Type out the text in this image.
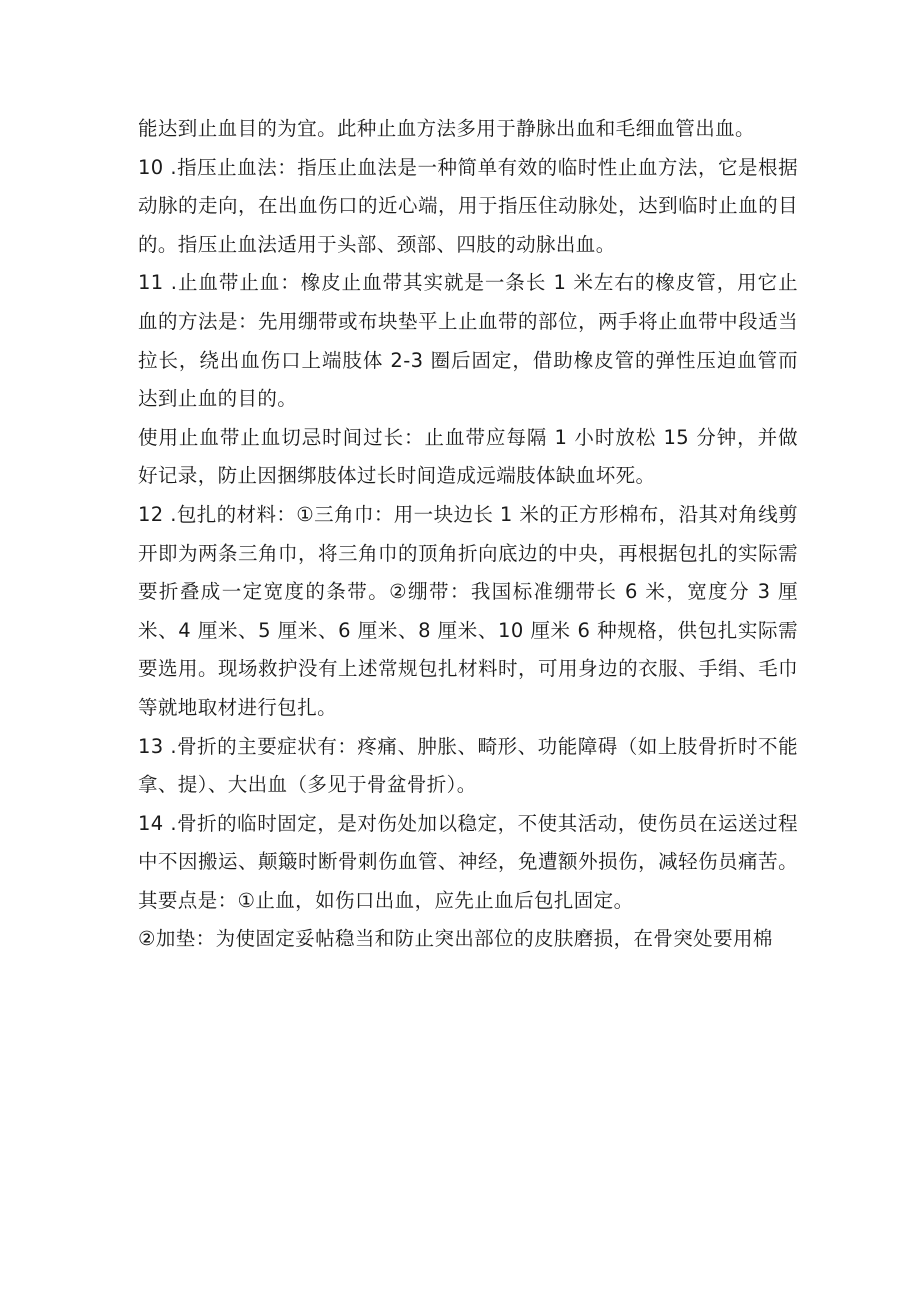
能达到止血目的为宜。此种止血方法多用于静脉出血和毛细血管出血。

10 .指压止血法：指压止血法是一种简单有效的临时性止血方法，它是根据动脉的走向，在出血伤口的近心端，用于指压住动脉处，达到临时止血的目的。指压止血法适用于头部、颈部、四肢的动脉出血。

11 .止血带止血：橡皮止血带其实就是一条长 1 米左右的橡皮管，用它止血的方法是：先用绷带或布块垫平上止血带的部位，两手将止血带中段适当拉长，绕出血伤口上端肢体 2-3 圈后固定，借助橡皮管的弹性压迫血管而达到止血的目的。

使用止血带止血切忌时间过长：止血带应每隔 1 小时放松 15 分钟，并做好记录，防止因捆绑肢体过长时间造成远端肢体缺血坏死。

12 .包扎的材料：①三角巾：用一块边长 1 米的正方形棉布，沿其对角线剪开即为两条三角巾，将三角巾的顶角折向底边的中央，再根据包扎的实际需要折叠成一定宽度的条带。②绷带：我国标准绷带长 6 米，宽度分 3 厘米、4 厘米、5 厘米、6 厘米、8 厘米、10 厘米 6 种规格，供包扎实际需要选用。现场救护没有上述常规包扎材料时，可用身边的衣服、手绢、毛巾等就地取材进行包扎。

13 .骨折的主要症状有：疼痛、肿胀、畸形、功能障碍（如上肢骨折时不能拿、提）、大出血（多见于骨盆骨折）。

14 .骨折的临时固定，是对伤处加以稳定，不使其活动，使伤员在运送过程中不因搬运、颠簸时断骨刺伤血管、神经，免遭额外损伤，减轻伤员痛苦。其要点是：①止血，如伤口出血，应先止血后包扎固定。

②加垫：为使固定妥帖稳当和防止突出部位的皮肤磨损，在骨突处要用棉
